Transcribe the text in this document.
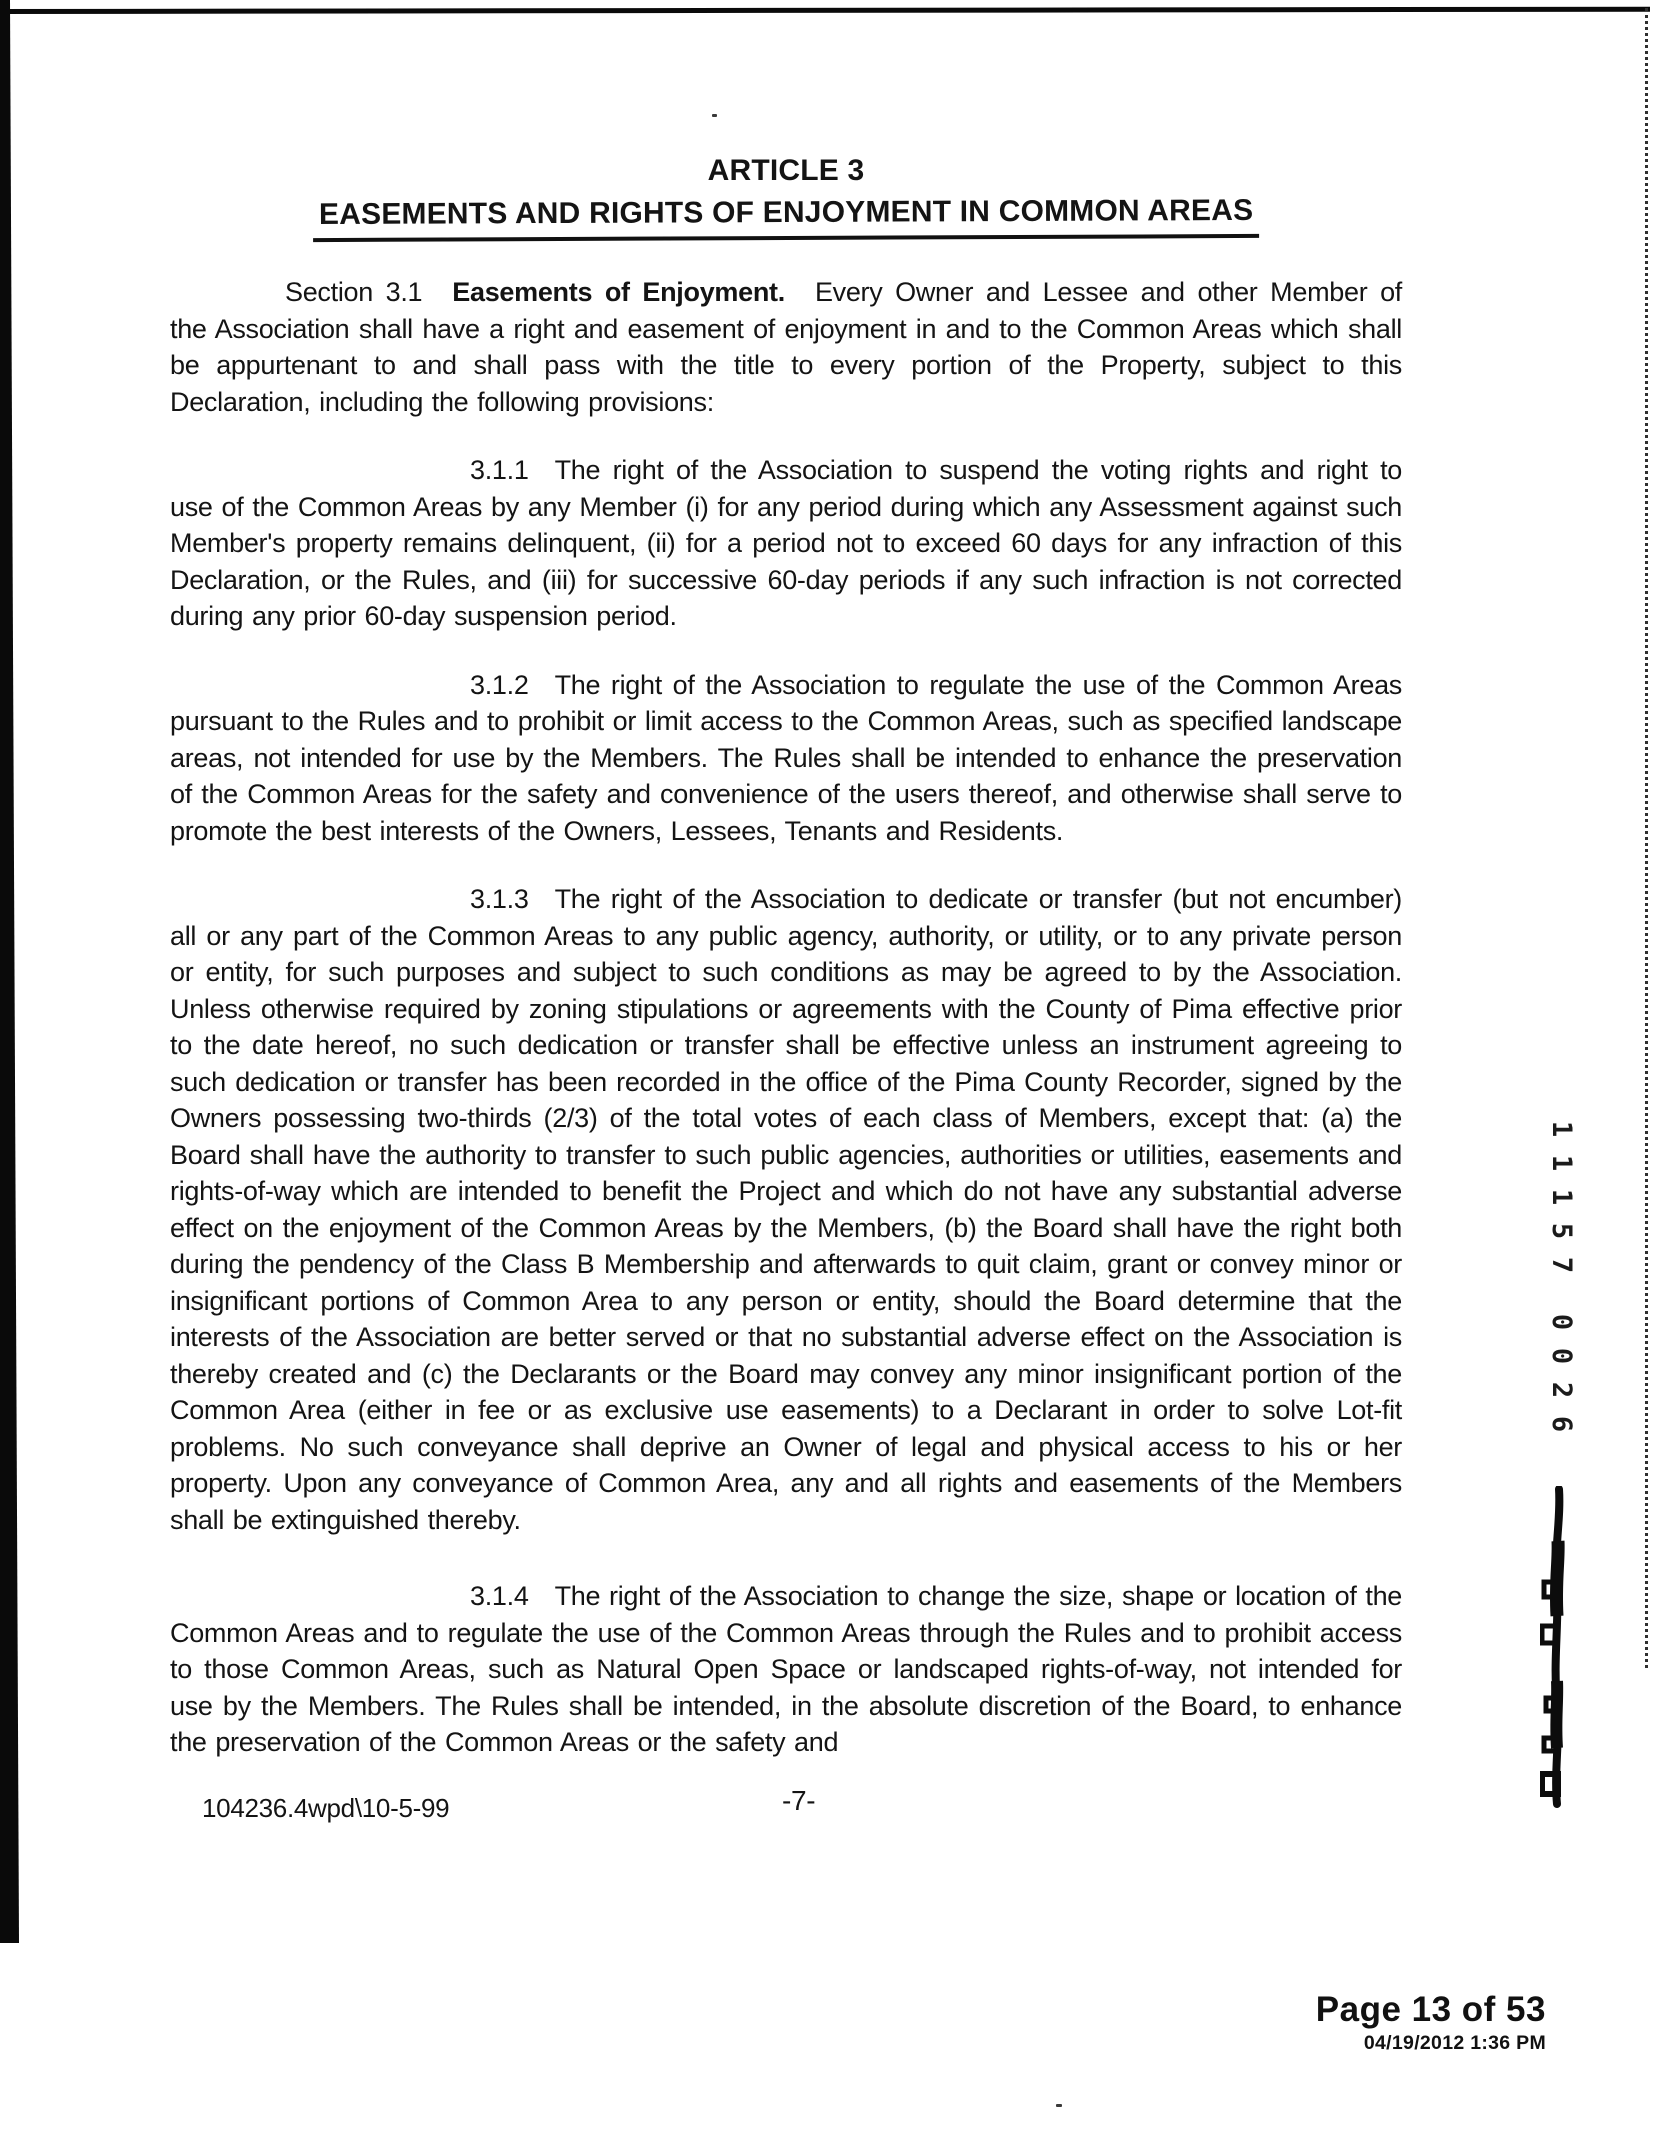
ARTICLE 3
EASEMENTS AND RIGHTS OF ENJOYMENT IN COMMON AREAS

Section 3.1 Easements of Enjoyment. Every Owner and Lessee and other Member of the Association shall have a right and easement of enjoyment in and to the Common Areas which shall be appurtenant to and shall pass with the title to every portion of the Property, subject to this Declaration, including the following provisions:

3.1.1 The right of the Association to suspend the voting rights and right to use of the Common Areas by any Member (i) for any period during which any Assessment against such Member's property remains delinquent, (ii) for a period not to exceed 60 days for any infraction of this Declaration, or the Rules, and (iii) for successive 60-day periods if any such infraction is not corrected during any prior 60-day suspension period.

3.1.2 The right of the Association to regulate the use of the Common Areas pursuant to the Rules and to prohibit or limit access to the Common Areas, such as specified landscape areas, not intended for use by the Members. The Rules shall be intended to enhance the preservation of the Common Areas for the safety and convenience of the users thereof, and otherwise shall serve to promote the best interests of the Owners, Lessees, Tenants and Residents.

3.1.3 The right of the Association to dedicate or transfer (but not encumber) all or any part of the Common Areas to any public agency, authority, or utility, or to any private person or entity, for such purposes and subject to such conditions as may be agreed to by the Association. Unless otherwise required by zoning stipulations or agreements with the County of Pima effective prior to the date hereof, no such dedication or transfer shall be effective unless an instrument agreeing to such dedication or transfer has been recorded in the office of the Pima County Recorder, signed by the Owners possessing two-thirds (2/3) of the total votes of each class of Members, except that: (a) the Board shall have the authority to transfer to such public agencies, authorities or utilities, easements and rights-of-way which are intended to benefit the Project and which do not have any substantial adverse effect on the enjoyment of the Common Areas by the Members, (b) the Board shall have the right both during the pendency of the Class B Membership and afterwards to quit claim, grant or convey minor or insignificant portions of Common Area to any person or entity, should the Board determine that the interests of the Association are better served or that no substantial adverse effect on the Association is thereby created and (c) the Declarants or the Board may convey any minor insignificant portion of the Common Area (either in fee or as exclusive use easements) to a Declarant in order to solve Lot-fit problems. No such conveyance shall deprive an Owner of legal and physical access to his or her property. Upon any conveyance of Common Area, any and all rights and easements of the Members shall be extinguished thereby.

3.1.4 The right of the Association to change the size, shape or location of the Common Areas and to regulate the use of the Common Areas through the Rules and to prohibit access to those Common Areas, such as Natural Open Space or landscaped rights-of-way, not intended for use by the Members. The Rules shall be intended, in the absolute discretion of the Board, to enhance the preservation of the Common Areas or the safety and

104236.4wpd\10-5-99	-7-
Page 13 of 53
04/19/2012 1:36 PM
1
1
1
5
7
0
0
2
6
